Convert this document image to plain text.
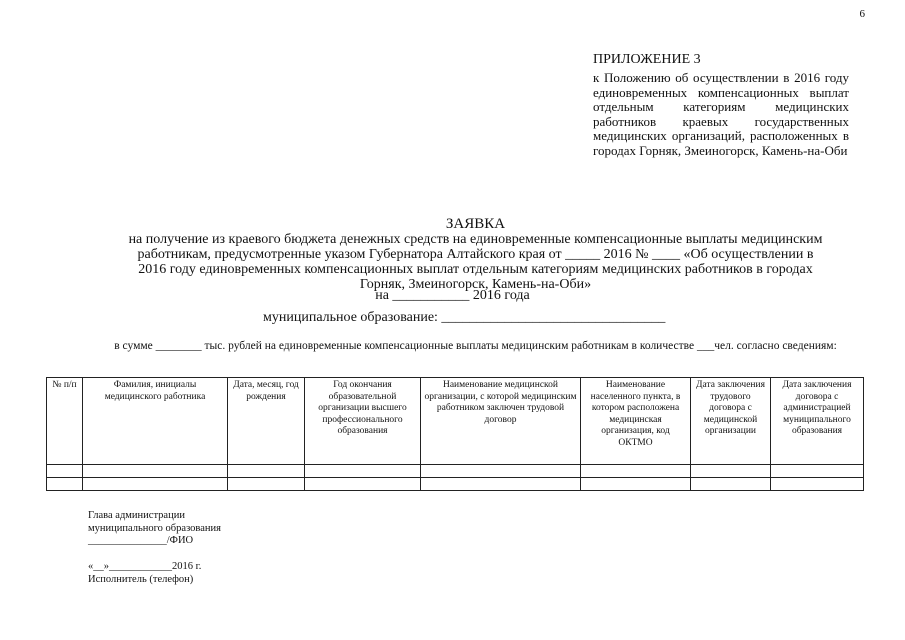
6
ПРИЛОЖЕНИЕ 3
к Положению об осуществлении в 2016 году единовременных компенсационных выплат отдельным категориям медицинских работников краевых государственных медицинских организаций, расположенных в городах Горняк, Змеиногорск, Камень-на-Оби
ЗАЯВКА
на получение из краевого бюджета денежных средств на единовременные компенсационные выплаты медицинским
работникам, предусмотренные указом Губернатора Алтайского края от _____ 2016 № ____ «Об осуществлении в
2016 году единовременных компенсационных выплат отдельным категориям медицинских работников в городах
Горняк, Змеиногорск, Камень-на-Оби»
на ___________ 2016 года
муниципальное образование: ________________________________
в сумме ________ тыс. рублей на единовременные компенсационные выплаты медицинским работникам в количестве ___чел. согласно сведениям:
№ п/п	Фамилия, инициалы медицинского работника	Дата, месяц, год рождения	Год окончания образовательной организации высшего профессионального образования	Наименование медицинской организации, с которой медицинским работником заключен трудовой договор	Наименование населенного пункта, в котором расположена медицинская организация, код ОКТМО	Дата заключения трудового договора с медицинской организации	Дата заключения договора с администрацией муниципального образования

Глава администрации
муниципального образования
_______________/ФИО
«__»____________2016 г.
Исполнитель (телефон)
